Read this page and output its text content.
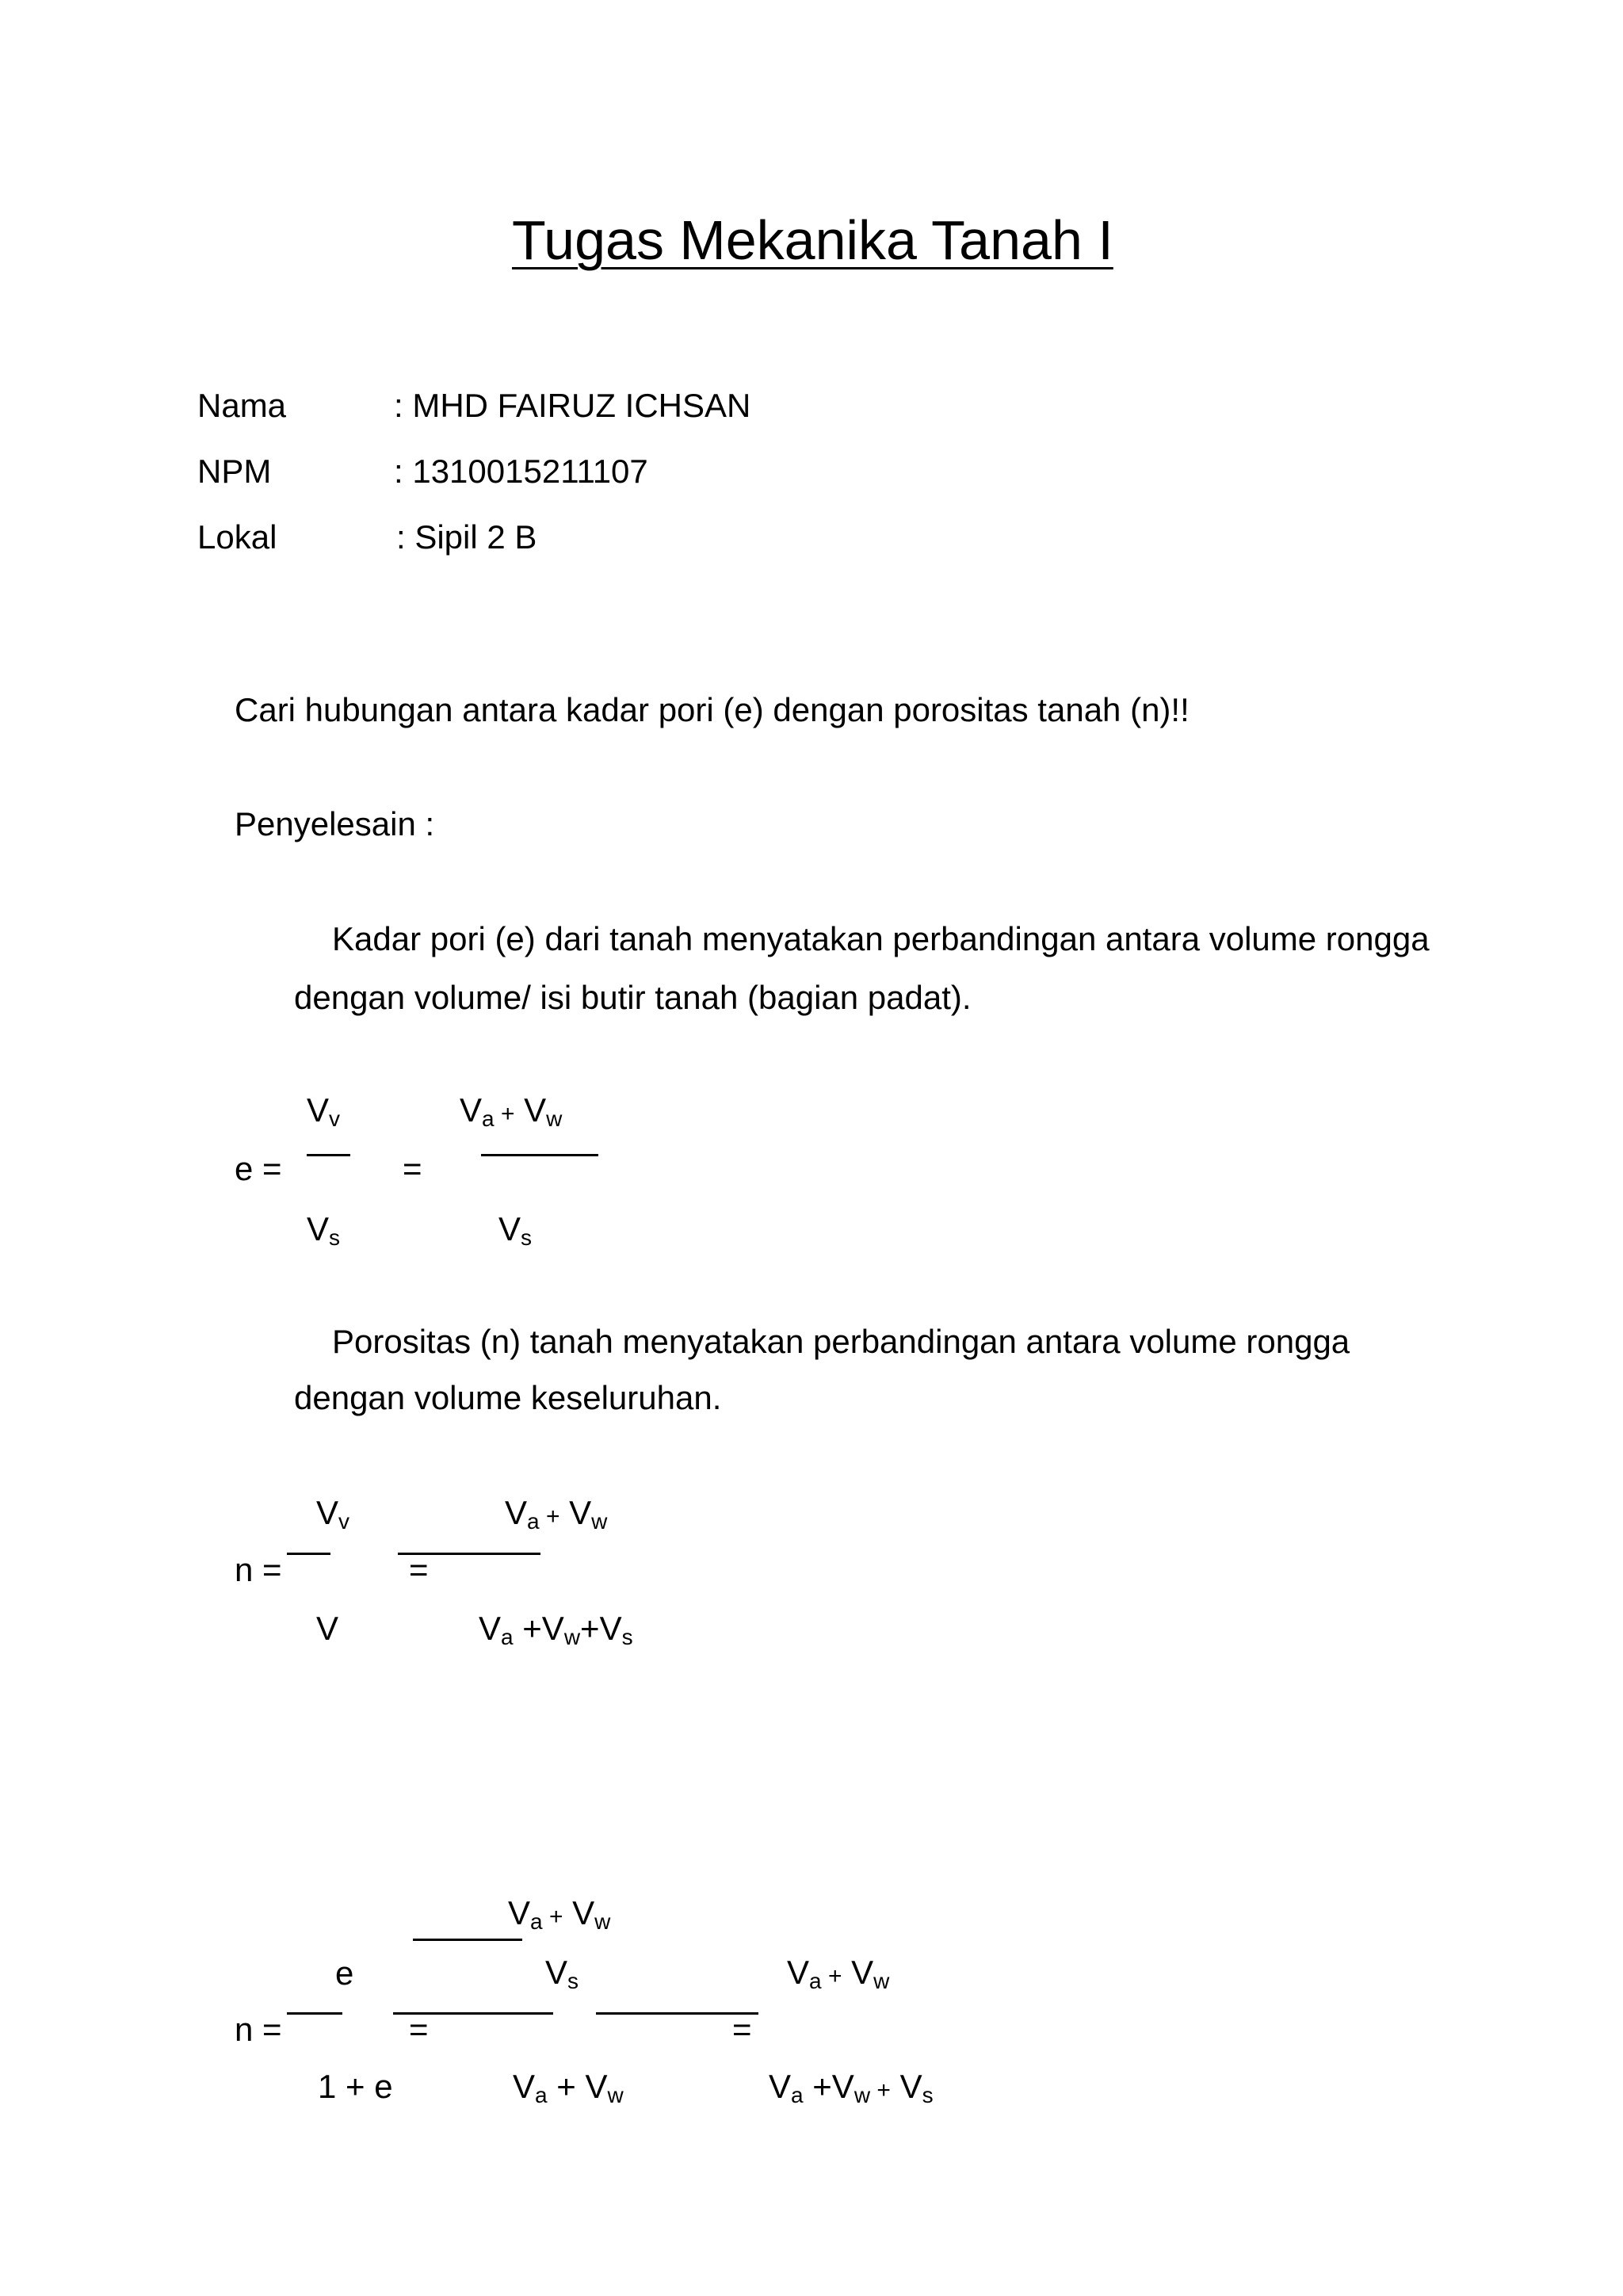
Tugas Mekanika Tanah I
Nama	: MHD FAIRUZ ICHSAN
NPM	: 1310015211107
Lokal	: Sipil 2 B
Cari hubungan antara kadar pori (e) dengan porositas tanah (n)!!
Penyelesain :
Kadar pori (e) dari tanah menyatakan perbandingan antara volume rongga
dengan volume/ isi butir tanah (bagian padat).
e =
$V_v$
$V_s$
=
$V_a + V_w$
$V_s$
Porositas (n) tanah menyatakan perbandingan antara volume rongga
dengan volume keseluruhan.
n =
$V_v$
V
=
$V_a + V_w$
$V_a +V_w+V_s$
n =
e
1 + e
=
$V_a + V_w$
$V_s$
$V_a + V_w$
=
$V_a + V_w$
$V_a +V_w + V_s$
